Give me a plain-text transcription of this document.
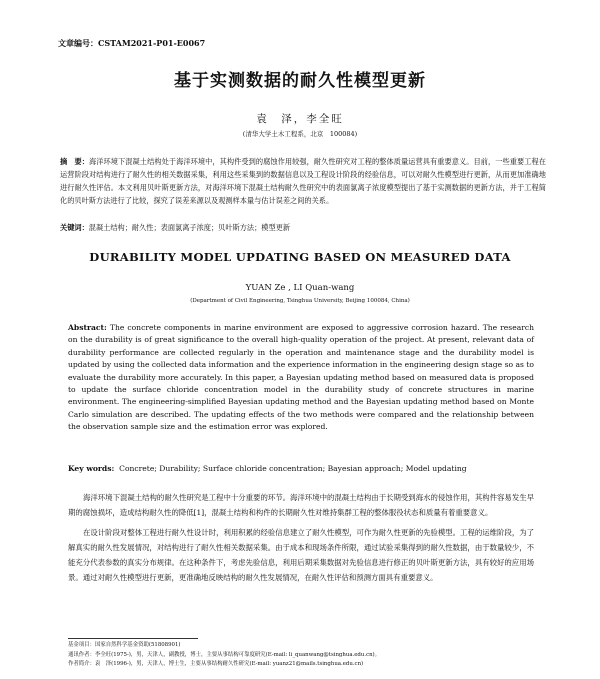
文章编号：CSTAM2021-P01-E0067
基于实测数据的耐久性模型更新
袁　泽，李全旺
(清华大学土木工程系，北京　100084)
摘　要：海洋环境下混凝土结构处于海洋环境中，其构件受到的腐蚀作用较强，耐久性研究对工程的整体质量运营具有重要意义。目前，一些重要工程在运营阶段对结构进行了耐久性的相关数据采集，利用这些采集到的数据信息以及工程设计阶段的经验信息，可以对耐久性模型进行更新，从而更加准确地进行耐久性评估。本文利用贝叶斯更新方法，对海洋环境下混凝土结构耐久性研究中的表面氯离子浓度模型提出了基于实测数据的更新方法，并于工程简化的贝叶斯方法进行了比较，探究了误差来源以及观测样本量与估计误差之间的关系。
关键词：混凝土结构；耐久性；表面氯离子浓度；贝叶斯方法；模型更新
DURABILITY MODEL UPDATING BASED ON MEASURED DATA
YUAN Ze , LI Quan-wang
(Department of Civil Engineering, Tsinghua University, Beijing 100084, China)
Abstract: The concrete components in marine environment are exposed to aggressive corrosion hazard. The research on the durability is of great significance to the overall high-quality operation of the project. At present, relevant data of durability performance are collected regularly in the operation and maintenance stage and the durability model is updated by using the collected data information and the experience information in the engineering design stage so as to evaluate the durability more accurately. In this paper, a Bayesian updating method based on measured data is proposed to update the surface chloride concentration model in the durability study of concrete structures in marine environment. The engineering-simplified Bayesian updating method and the Bayesian updating method based on Monte Carlo simulation are described. The updating effects of the two methods were compared and the relationship between the observation sample size and the estimation error was explored.
Key words: Concrete; Durability; Surface chloride concentration; Bayesian approach; Model updating

海洋环境下混凝土结构的耐久性研究是工程中十分重要的环节。海洋环境中的混凝土结构由于长期受到海水的侵蚀作用，其构件容易发生早期的腐蚀损坏，造成结构耐久性的降低[1]，混凝土结构和构件的长期耐久性对维持集群工程的整体服役状态和质量有着重要意义。

在设计阶段对整体工程进行耐久性设计时，利用积累的经验信息建立了耐久性模型，可作为耐久性更新的先验模型。工程的运维阶段，为了解真实的耐久性发展情况，对结构进行了耐久性相关数据采集。由于成本和现场条件所限，通过试验采集得到的耐久性数据，由于数量较少，不能充分代表参数的真实分布规律。在这种条件下，考虑先验信息，利用后期采集数据对先验信息进行修正的贝叶斯更新方法，具有较好的应用场景。通过对耐久性模型进行更新，更准确地反映结构的耐久性发展情况，在耐久性评估和预测方面具有重要意义。

基金项目：国家自然科学基金资助(51808901)
通讯作者：李全旺(1975-)，男，天津人，副教授，博士，主要从事结构可靠度研究(E-mail: li_quanwang@tsinghua.edu.cn)。
作者简介：袁　泽(1996-)，男，天津人，博士生，主要从事结构耐久性研究(E-mail: yuanz21@mails.tsinghua.edu.cn)
